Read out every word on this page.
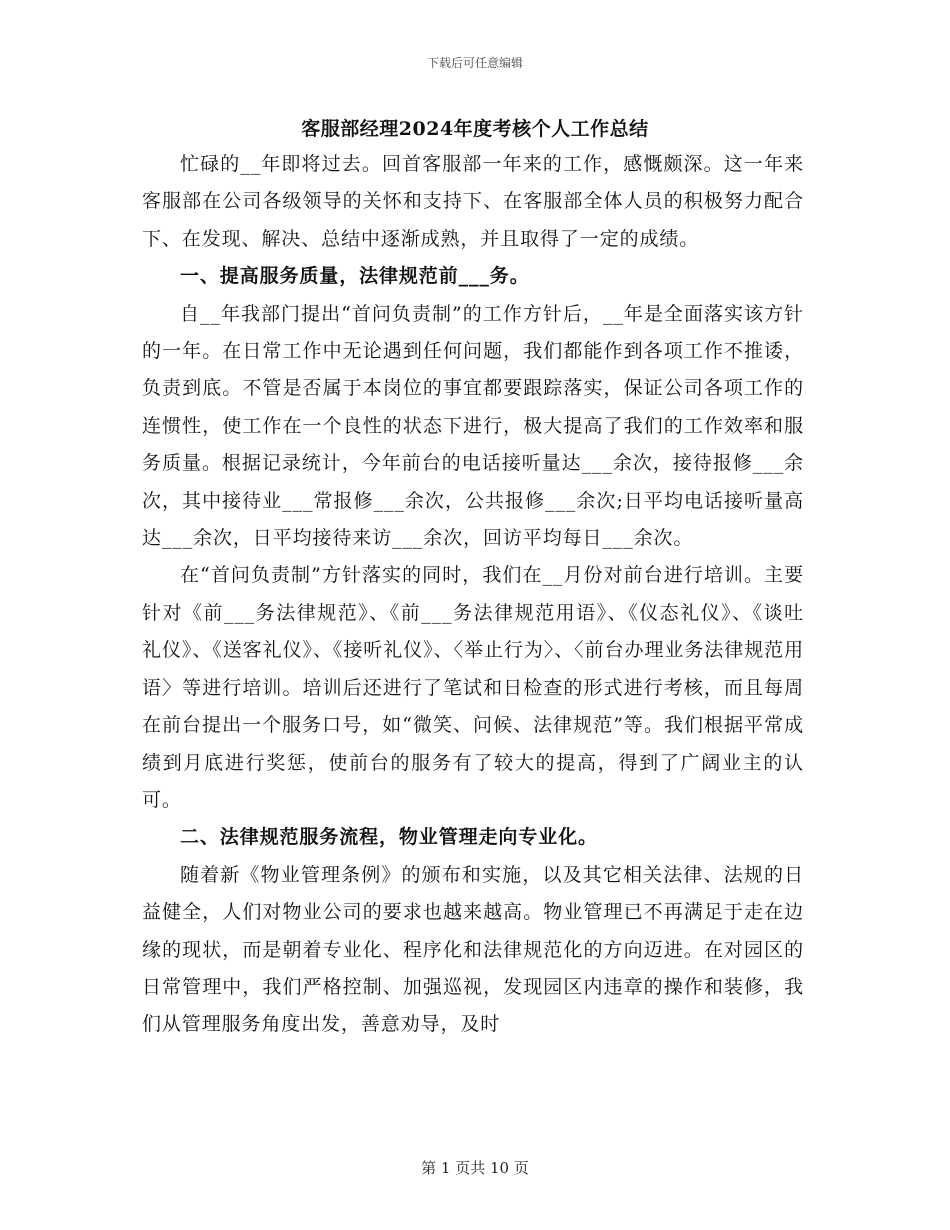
下载后可任意编辑
客服部经理2024年度考核个人工作总结

忙碌的__年即将过去。回首客服部一年来的工作，感慨颇深。这一年来客服部在公司各级领导的关怀和支持下、在客服部全体人员的积极努力配合下、在发现、解决、总结中逐渐成熟，并且取得了一定的成绩。

一、提高服务质量，法律规范前___务。

自__年我部门提出“首问负责制”的工作方针后，__年是全面落实该方针的一年。在日常工作中无论遇到任何问题，我们都能作到各项工作不推诿，负责到底。不管是否属于本岗位的事宜都要跟踪落实，保证公司各项工作的连惯性，使工作在一个良性的状态下进行，极大提高了我们的工作效率和服务质量。根据记录统计，今年前台的电话接听量达___余次，接待报修___余次，其中接待业___常报修___余次，公共报修___余次;日平均电话接听量高达___余次，日平均接待来访___余次，回访平均每日___余次。

在“首问负责制”方针落实的同时，我们在__月份对前台进行培训。主要针对《前___务法律规范》、《前___务法律规范用语》、《仪态礼仪》、《谈吐礼仪》、《送客礼仪》、《接听礼仪》、〈举止行为〉、〈前台办理业务法律规范用语〉等进行培训。培训后还进行了笔试和日检查的形式进行考核，而且每周在前台提出一个服务口号，如“微笑、问候、法律规范”等。我们根据平常成绩到月底进行奖惩，使前台的服务有了较大的提高，得到了广阔业主的认可。

二、法律规范服务流程，物业管理走向专业化。

随着新《物业管理条例》的颁布和实施，以及其它相关法律、法规的日益健全，人们对物业公司的要求也越来越高。物业管理已不再满足于走在边缘的现状，而是朝着专业化、程序化和法律规范化的方向迈进。在对园区的日常管理中，我们严格控制、加强巡视，发现园区内违章的操作和装修，我们从管理服务角度出发，善意劝导，及时

第 1 页共 10 页
